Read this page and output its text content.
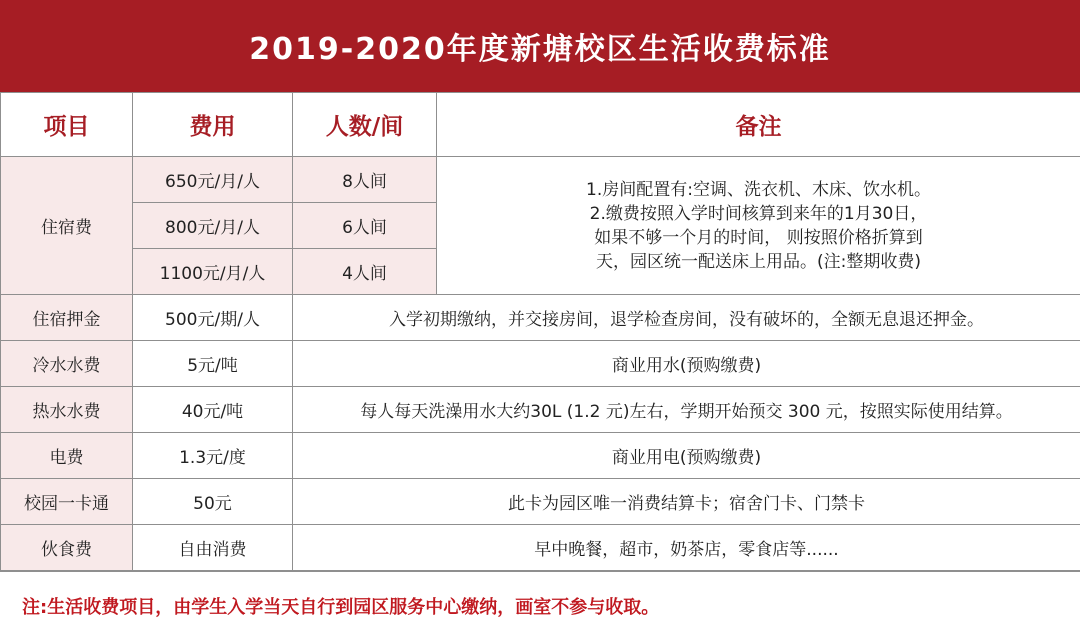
2019-2020年度新塘校区生活收费标准
项目	费用	人数/间	备注
住宿费	650元/月/人	8人间	1.房间配置有:空调、洗衣机、木床、饮水机。
2.缴费按照入学时间核算到来年的1月30日，
如果不够一个月的时间， 则按照价格折算到
天，园区统一配送床上用品。(注:整期收费)

	800元/月/人	6人间	
	1100元/月/人	4人间	
住宿押金	500元/期/人	入学初期缴纳，并交接房间，退学检查房间，没有破坏的，全额无息退还押金。	
冷水水费	5元/吨	商业用水(预购缴费)	
热水水费	40元/吨	每人每天洗澡用水大约30L (1.2 元)左右，学期开始预交 300 元，按照实际使用结算。	
电费	1.3元/度	商业用电(预购缴费)	
校园一卡通	50元	此卡为园区唯一消费结算卡；宿舍门卡、门禁卡	
伙食费	自由消费	早中晚餐，超市，奶茶店，零食店等......	
注:生活收费项目，由学生入学当天自行到园区服务中心缴纳，画室不参与收取。
